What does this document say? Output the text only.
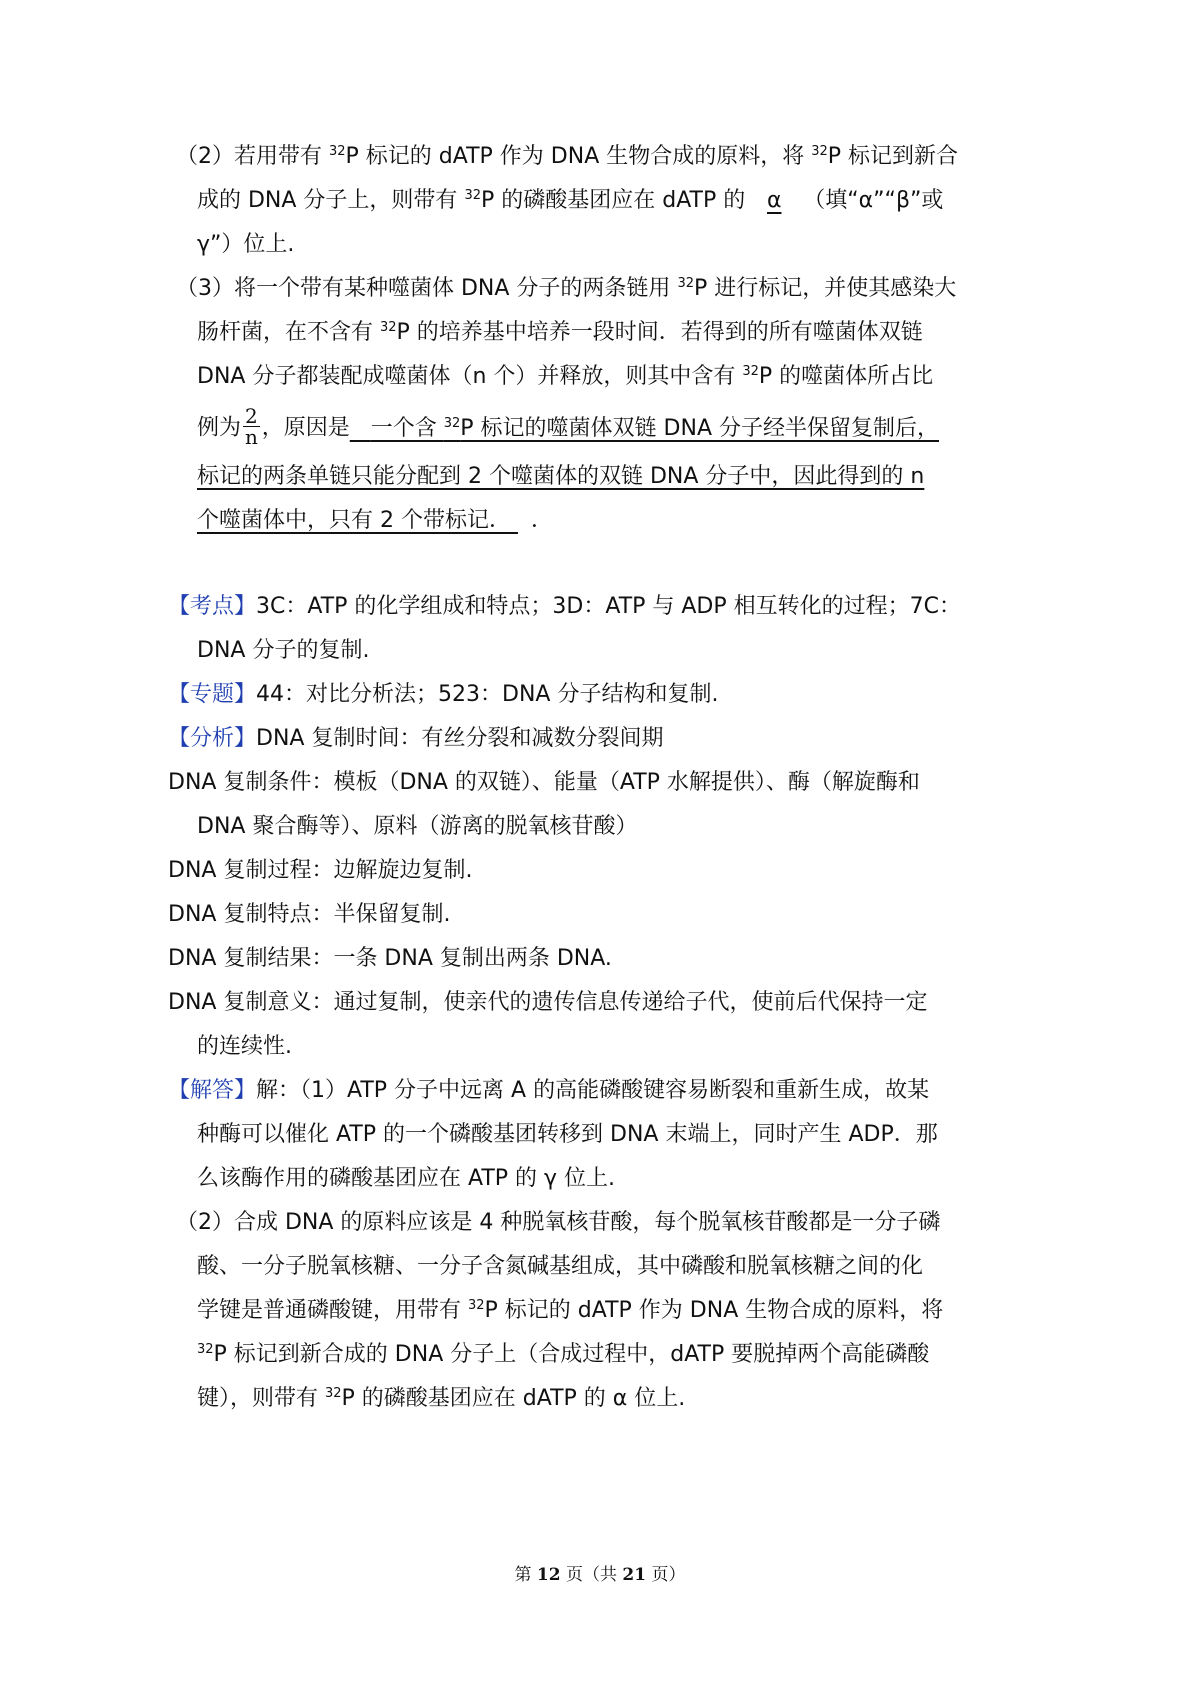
（2）若用带有 $^{32}$P 标记的 dATP 作为 DNA 生物合成的原料，将 $^{32}$P 标记到新合
成的 DNA 分子上，则带有 $^{32}$P 的磷酸基团应在 dATP 的 α （填“α”“β”或
γ”）位上.
（3）将一个带有某种噬菌体 DNA 分子的两条链用 $^{32}$P 进行标记，并使其感染大
肠杆菌，在不含有 $^{32}$P 的培养基中培养一段时间．若得到的所有噬菌体双链
DNA 分子都装配成噬菌体（n 个）并释放，则其中含有 $^{32}$P 的噬菌体所占比
例为 $\frac{2}{n}$ ，原因是 一个含 $^{32}$P 标记的噬菌体双链 DNA 分子经半保留复制后，
标记的两条单链只能分配到 2 个噬菌体的双链 DNA 分子中，因此得到的 n
个噬菌体中，只有 2 个带标记． ．
【考点】3C：ATP 的化学组成和特点；3D：ATP 与 ADP 相互转化的过程；7C：
DNA 分子的复制.
【专题】44：对比分析法；523：DNA 分子结构和复制.
【分析】DNA 复制时间：有丝分裂和减数分裂间期
DNA 复制条件：模板（DNA 的双链）、能量（ATP 水解提供）、酶（解旋酶和
DNA 聚合酶等）、原料（游离的脱氧核苷酸）
DNA 复制过程：边解旋边复制.
DNA 复制特点：半保留复制.
DNA 复制结果：一条 DNA 复制出两条 DNA.
DNA 复制意义：通过复制，使亲代的遗传信息传递给子代，使前后代保持一定
的连续性.
【解答】解：（1）ATP 分子中远离 A 的高能磷酸键容易断裂和重新生成，故某
种酶可以催化 ATP 的一个磷酸基团转移到 DNA 末端上，同时产生 ADP．那
么该酶作用的磷酸基团应在 ATP 的 γ 位上.
（2）合成 DNA 的原料应该是 4 种脱氧核苷酸，每个脱氧核苷酸都是一分子磷
酸、一分子脱氧核糖、一分子含氮碱基组成，其中磷酸和脱氧核糖之间的化
学键是普通磷酸键，用带有 $^{32}$P 标记的 dATP 作为 DNA 生物合成的原料，将
$^{32}$P 标记到新合成的 DNA 分子上（合成过程中，dATP 要脱掉两个高能磷酸
键），则带有 $^{32}$P 的磷酸基团应在 dATP 的 α 位上.
第 12 页（共 21 页）
